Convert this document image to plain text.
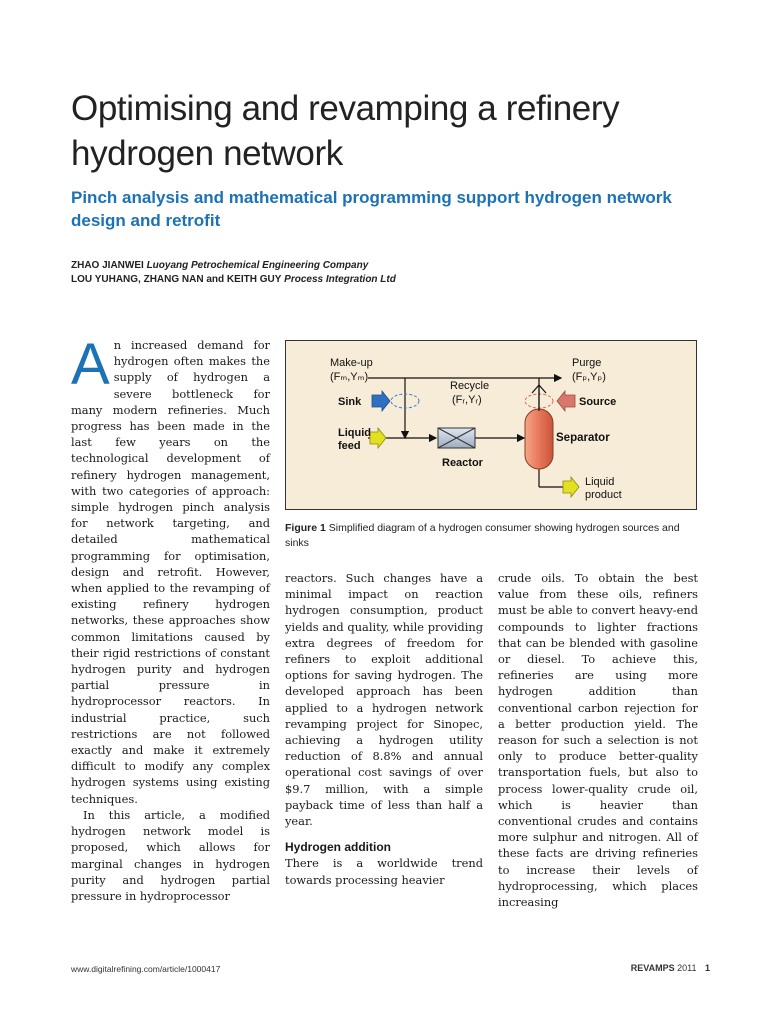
Optimising and revamping a refinery hydrogen network
Pinch analysis and mathematical programming support hydrogen network design and retrofit
ZHAO JIANWEI Luoyang Petrochemical Engineering Company
LOU YUHANG, ZHANG NAN and KEITH GUY Process Integration Ltd

An increased demand for hydrogen often makes the supply of hydrogen a severe bottleneck for many modern refineries. Much progress has been made in the last few years on the technological development of refinery hydrogen management, with two categories of approach: simple hydrogen pinch analysis for network targeting, and detailed mathematical programming for optimisation, design and retrofit. However, when applied to the revamping of existing refinery hydrogen networks, these approaches show common limitations caused by their rigid restrictions of constant hydrogen purity and hydrogen partial pressure in hydroprocessor reactors. In industrial practice, such restrictions are not followed exactly and make it extremely difficult to modify any complex hydrogen systems using existing techniques.

In this article, a modified hydrogen network model is proposed, which allows for marginal changes in hydrogen purity and hydrogen partial pressure in hydroprocessor

Make-up
(Fₘ,Yₘ)
Sink
Liquid
feed
Recycle
(Fᵣ,Yᵣ)
Reactor
Purge
(Fₚ,Yₚ)
Source
Separator
Liquid
product
Figure 1 Simplified diagram of a hydrogen consumer showing hydrogen sources and sinks

reactors. Such changes have a minimal impact on reaction hydrogen consumption, product yields and quality, while providing extra degrees of freedom for refiners to exploit additional options for saving hydrogen. The developed approach has been applied to a hydrogen network revamping project for Sinopec, achieving a hydrogen utility reduction of 8.8% and annual operational cost savings of over $9.7 million, with a simple payback time of less than half a year.

Hydrogen addition

There is a worldwide trend towards processing heavier

crude oils. To obtain the best value from these oils, refiners must be able to convert heavy-end compounds to lighter fractions that can be blended with gasoline or diesel. To achieve this, refineries are using more hydrogen addition than conventional carbon rejection for a better production yield. The reason for such a selection is not only to produce better-quality transportation fuels, but also to process lower-quality crude oil, which is heavier than conventional crudes and contains more sulphur and nitrogen. All of these facts are driving refineries to increase their levels of hydroprocessing, which places increasing

www.digitalrefining.com/article/1000417	REVAMPS 2011 1
